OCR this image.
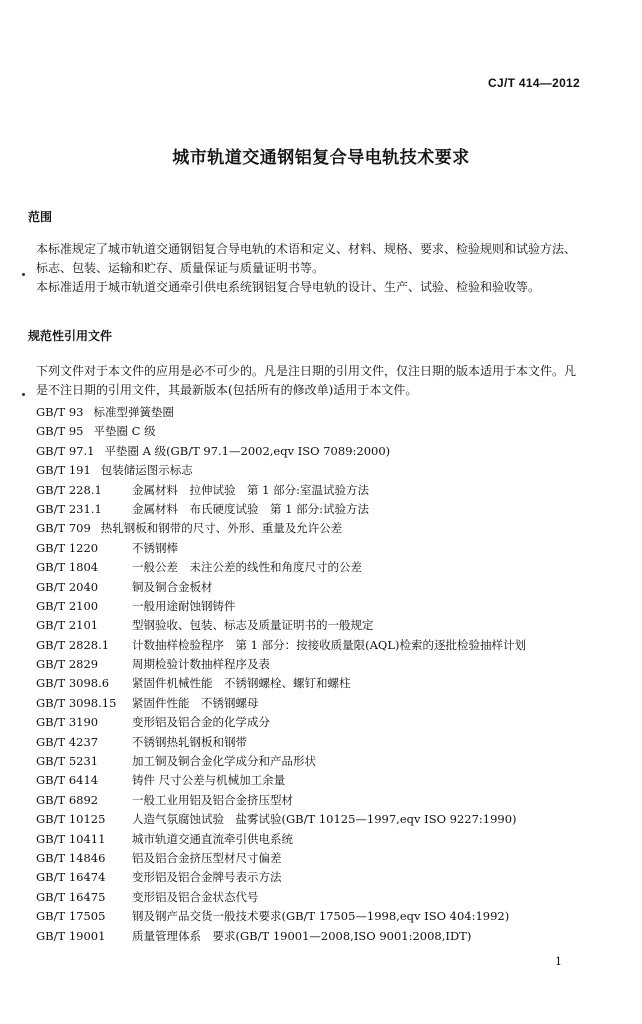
CJ/T 414—2012
城市轨道交通钢铝复合导电轨技术要求
范围

本标准规定了城市轨道交通钢铝复合导电轨的术语和定义、材料、规格、要求、检验规则和试验方法、标志、包装、运输和贮存、质量保证与质量证明书等。

本标准适用于城市轨道交通牵引供电系统钢铝复合导电轨的设计、生产、试验、检验和验收等。

规范性引用文件

下列文件对于本文件的应用是必不可少的。凡是注日期的引用文件，仅注日期的版本适用于本文件。凡是不注日期的引用文件，其最新版本(包括所有的修改单)适用于本文件。

GB/T 93 标准型弹簧垫圈
GB/T 95 平垫圈 C 级
GB/T 97.1 平垫圈 A 级(GB/T 97.1—2002,eqv ISO 7089:2000)
GB/T 191 包装储运图示标志
GB/T 228.1	金属材料　拉伸试验　第 1 部分:室温试验方法
GB/T 231.1	金属材料　布氏硬度试验　第 1 部分:试验方法
GB/T 709 热轧钢板和钢带的尺寸、外形、重量及允许公差
GB/T 1220	不锈钢棒
GB/T 1804	一般公差　未注公差的线性和角度尺寸的公差
GB/T 2040	铜及铜合金板材
GB/T 2100	一般用途耐蚀钢铸件
GB/T 2101	型钢验收、包装、标志及质量证明书的一般规定
GB/T 2828.1 计数抽样检验程序　第 1 部分：按接收质量限(AQL)检索的逐批检验抽样计划
GB/T 2829	周期检验计数抽样程序及表
GB/T 3098.6 紧固件机械性能　不锈钢螺栓、螺钉和螺柱
GB/T 3098.15 紧固件性能　不锈钢螺母
GB/T 3190	变形铝及铝合金的化学成分
GB/T 4237	不锈钢热轧钢板和钢带
GB/T 5231	加工铜及铜合金化学成分和产品形状
GB/T 6414	铸件 尺寸公差与机械加工余量
GB/T 6892	一般工业用铝及铝合金挤压型材
GB/T 10125 人造气氛腐蚀试验　盐雾试验(GB/T 10125—1997,eqv ISO 9227:1990)
GB/T 10411 城市轨道交通直流牵引供电系统
GB/T 14846 铝及铝合金挤压型材尺寸偏差
GB/T 16474 变形铝及铝合金牌号表示方法
GB/T 16475 变形铝及铝合金状态代号
GB/T 17505 钢及钢产品交货一般技术要求(GB/T 17505—1998,eqv ISO 404:1992)
GB/T 19001 质量管理体系　要求(GB/T 19001—2008,ISO 9001:2008,IDT)
1
